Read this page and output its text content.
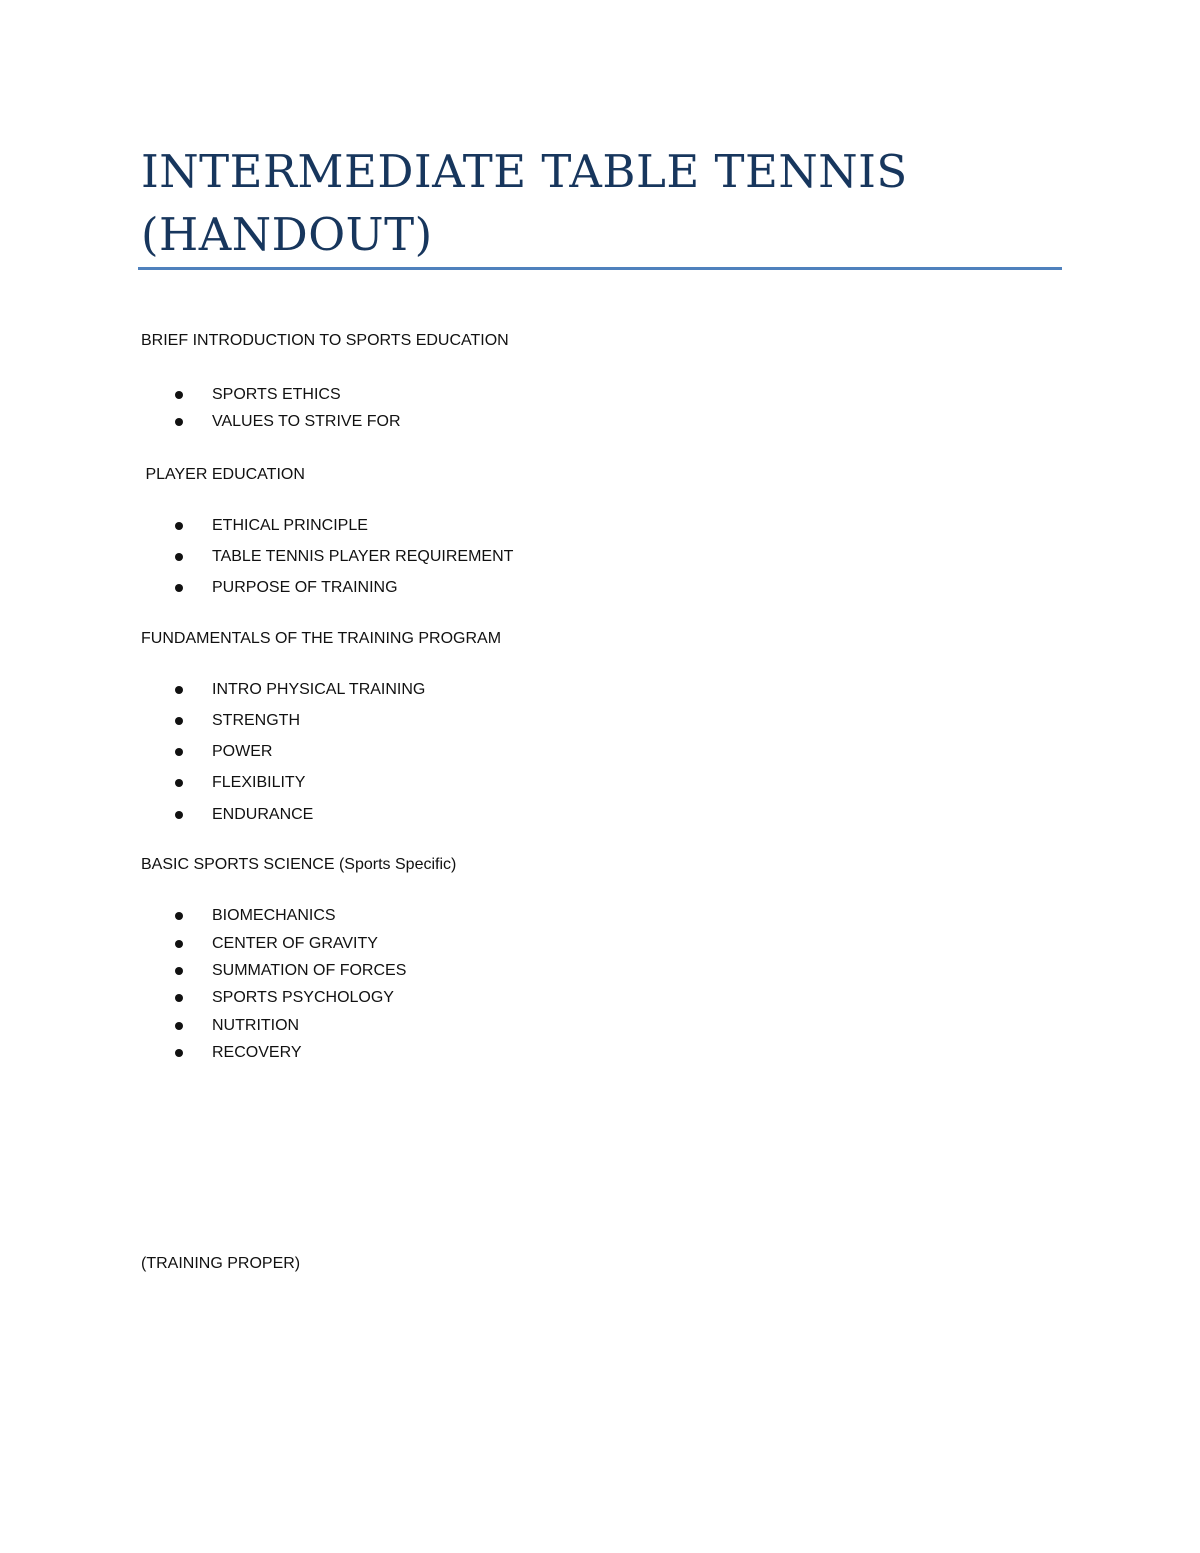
INTERMEDIATE TABLE TENNIS
(HANDOUT)

BRIEF INTRODUCTION TO SPORTS EDUCATION

SPORTS ETHICS
VALUES TO STRIVE FOR

PLAYER EDUCATION

ETHICAL PRINCIPLE
TABLE TENNIS PLAYER REQUIREMENT
PURPOSE OF TRAINING

FUNDAMENTALS OF THE TRAINING PROGRAM

INTRO PHYSICAL TRAINING
STRENGTH
POWER
FLEXIBILITY
ENDURANCE

BASIC SPORTS SCIENCE (Sports Specific)

BIOMECHANICS
CENTER OF GRAVITY
SUMMATION OF FORCES
SPORTS PSYCHOLOGY
NUTRITION
RECOVERY

(TRAINING PROPER)
